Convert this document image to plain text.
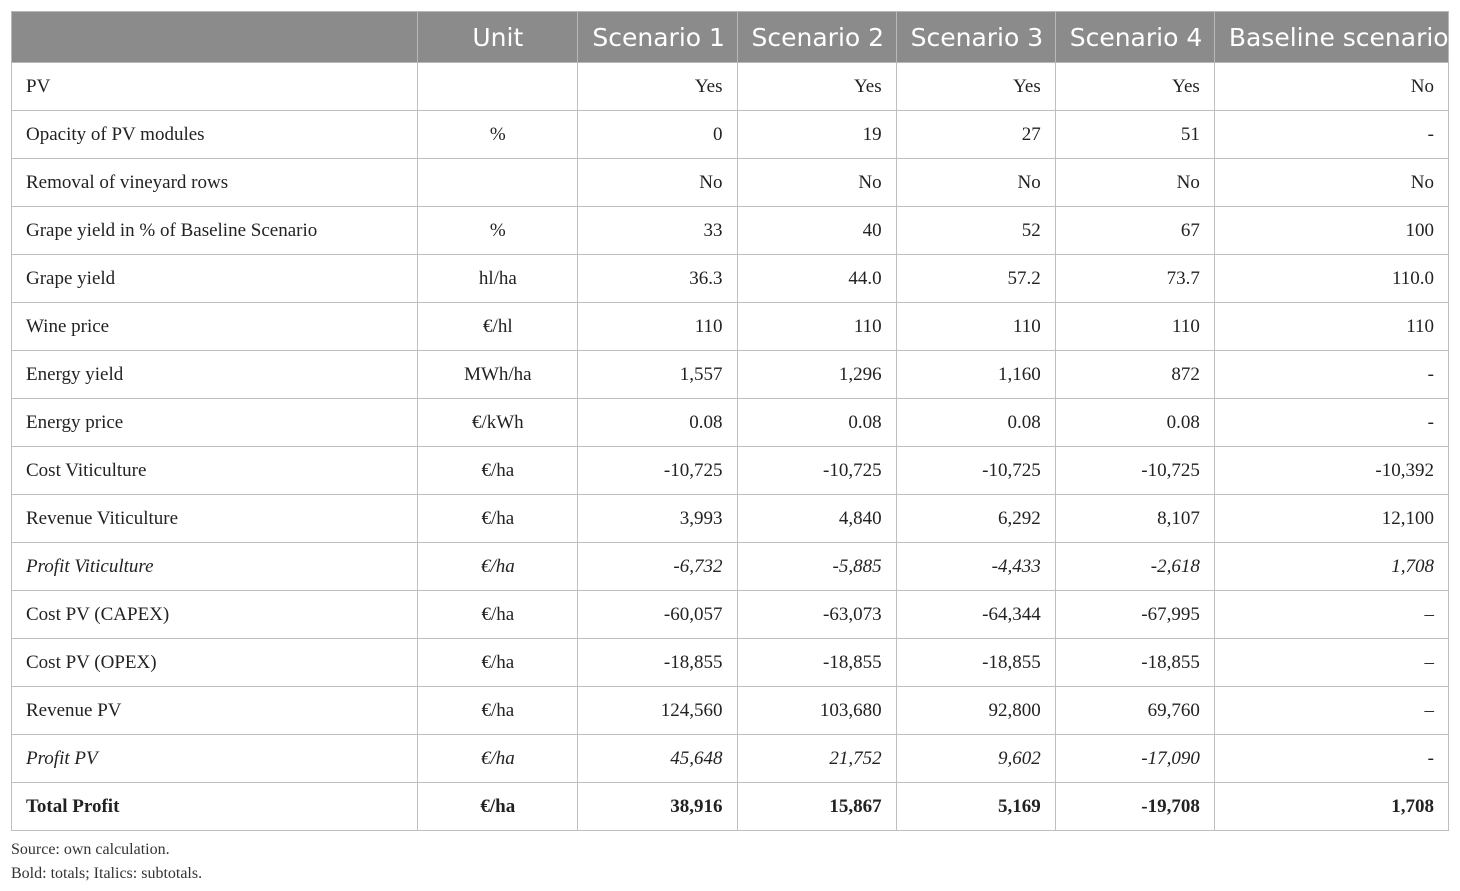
	Unit	Scenario 1	Scenario 2	Scenario 3	Scenario 4	Baseline scenario
PV		Yes	Yes	Yes	Yes	No
Opacity of PV modules	%	0	19	27	51	-
Removal of vineyard rows		No	No	No	No	No
Grape yield in % of Baseline Scenario	%	33	40	52	67	100
Grape yield	hl/ha	36.3	44.0	57.2	73.7	110.0
Wine price	€/hl	110	110	110	110	110
Energy yield	MWh/ha	1,557	1,296	1,160	872	-
Energy price	€/kWh	0.08	0.08	0.08	0.08	-
Cost Viticulture	€/ha	-10,725	-10,725	-10,725	-10,725	-10,392
Revenue Viticulture	€/ha	3,993	4,840	6,292	8,107	12,100
Profit Viticulture	€/ha	-6,732	-5,885	-4,433	-2,618	1,708
Cost PV (CAPEX)	€/ha	-60,057	-63,073	-64,344	-67,995	–
Cost PV (OPEX)	€/ha	-18,855	-18,855	-18,855	-18,855	–
Revenue PV	€/ha	124,560	103,680	92,800	69,760	–
Profit PV	€/ha	45,648	21,752	9,602	-17,090	-
Total Profit	€/ha	38,916	15,867	5,169	-19,708	1,708
Source: own calculation.
Bold: totals; Italics: subtotals.
